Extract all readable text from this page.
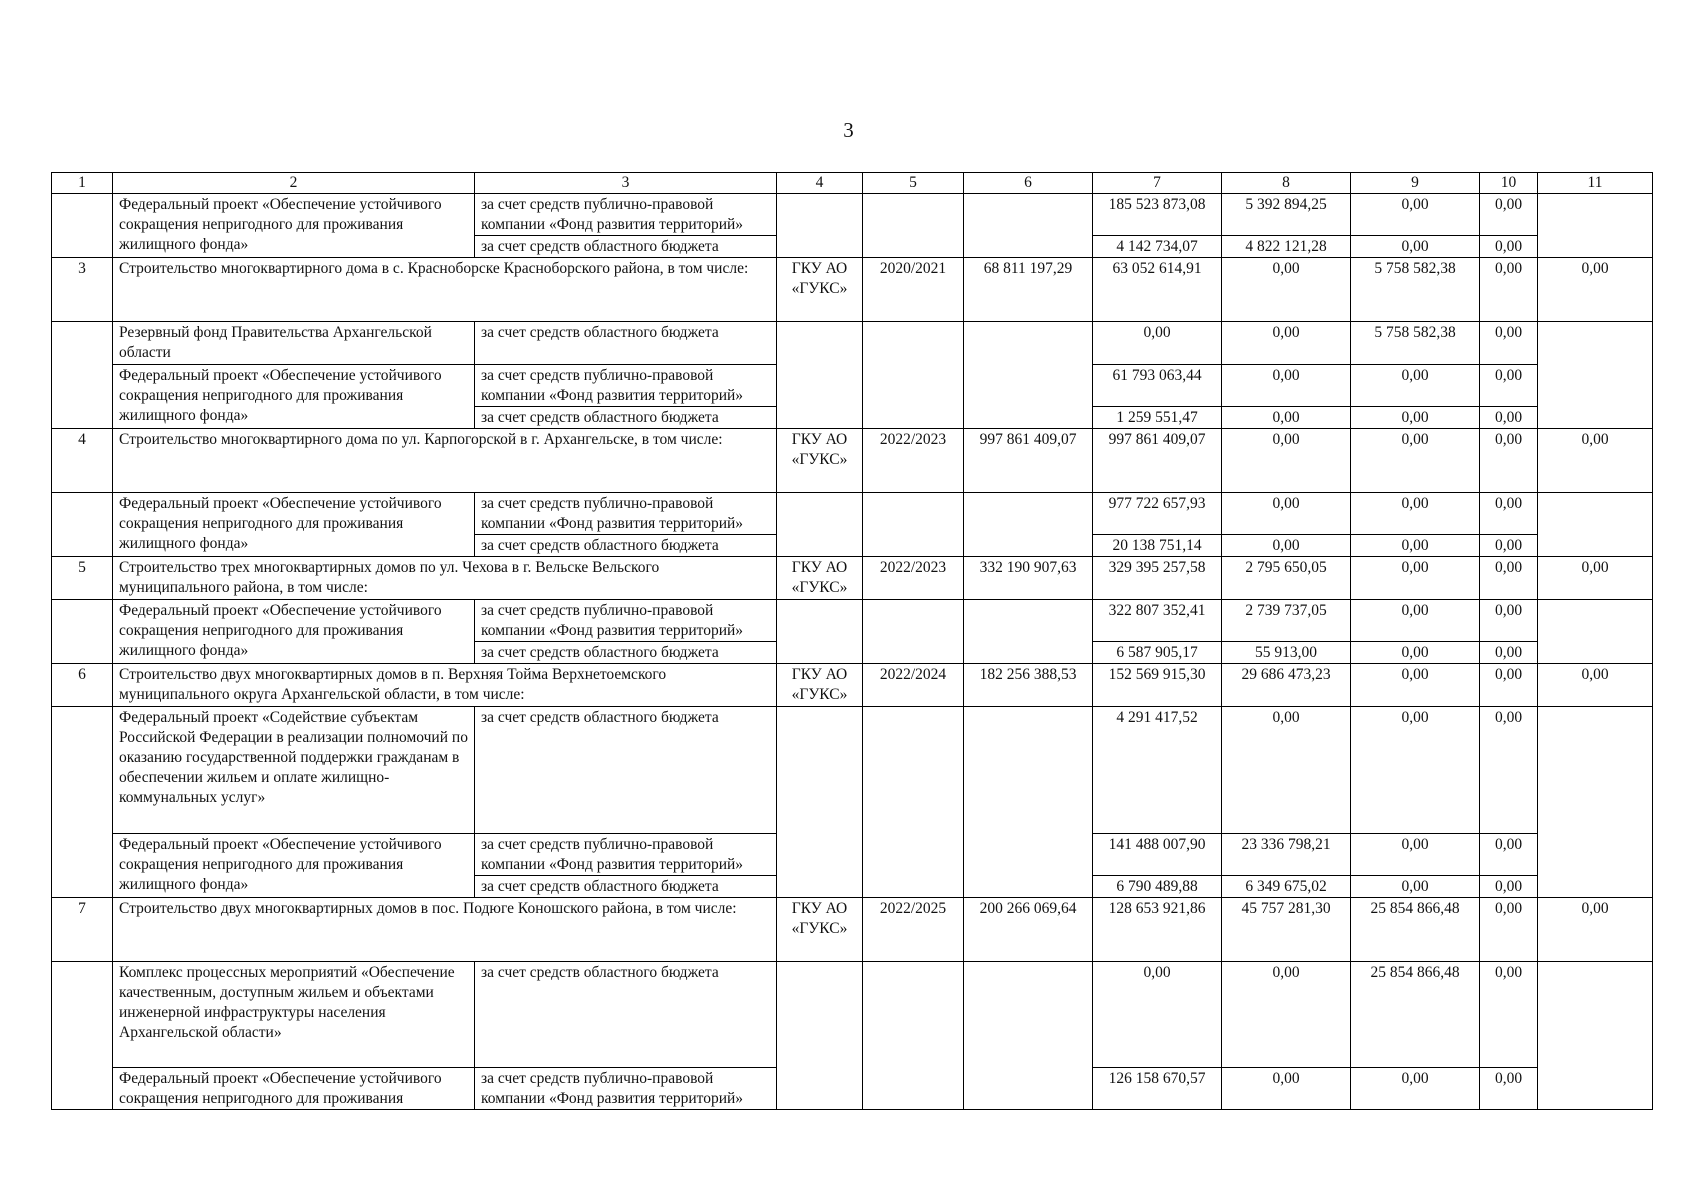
3
1	2	3	4	5	6	7	8	9	10	11
	Федеральный проект «Обеспечение устойчивого сокращения непригодного для проживания жилищного фонда»	за счет средств публично-правовой компании «Фонд развития территорий»				185 523 873,08	5 392 894,25	0,00	0,00	
		за счет средств областного бюджета				4 142 734,07	4 822 121,28	0,00	0,00	
3	Строительство многоквартирного дома в с. Красноборске Красноборского района, в том числе:		ГКУ АО «ГУКС»	2020/2021	68 811 197,29	63 052 614,91	0,00	5 758 582,38	0,00	0,00
	Резервный фонд Правительства Архангельской области	за счет средств областного бюджета				0,00	0,00	5 758 582,38	0,00	
	Федеральный проект «Обеспечение устойчивого сокращения непригодного для проживания жилищного фонда»	за счет средств публично-правовой компании «Фонд развития территорий»				61 793 063,44	0,00	0,00	0,00	
		за счет средств областного бюджета				1 259 551,47	0,00	0,00	0,00	
4	Строительство многоквартирного дома по ул. Карпогорской в г. Архангельске, в том числе:		ГКУ АО «ГУКС»	2022/2023	997 861 409,07	997 861 409,07	0,00	0,00	0,00	0,00
	Федеральный проект «Обеспечение устойчивого сокращения непригодного для проживания жилищного фонда»	за счет средств публично-правовой компании «Фонд развития территорий»				977 722 657,93	0,00	0,00	0,00	
		за счет средств областного бюджета				20 138 751,14	0,00	0,00	0,00	
5	Строительство трех многоквартирных домов по ул. Чехова в г. Вельске Вельского муниципального района, в том числе:		ГКУ АО «ГУКС»	2022/2023	332 190 907,63	329 395 257,58	2 795 650,05	0,00	0,00	0,00
	Федеральный проект «Обеспечение устойчивого сокращения непригодного для проживания жилищного фонда»	за счет средств публично-правовой компании «Фонд развития территорий»				322 807 352,41	2 739 737,05	0,00	0,00	
		за счет средств областного бюджета				6 587 905,17	55 913,00	0,00	0,00	
6	Строительство двух многоквартирных домов в п. Верхняя Тойма Верхнетоемского муниципального округа Архангельской области, в том числе:		ГКУ АО «ГУКС»	2022/2024	182 256 388,53	152 569 915,30	29 686 473,23	0,00	0,00	0,00
	Федеральный проект «Содействие субъектам Российской Федерации в реализации полномочий по оказанию государственной поддержки гражданам в обеспечении жильем и оплате жилищно-коммунальных услуг»	за счет средств областного бюджета				4 291 417,52	0,00	0,00	0,00	
	Федеральный проект «Обеспечение устойчивого сокращения непригодного для проживания жилищного фонда»	за счет средств публично-правовой компании «Фонд развития территорий»				141 488 007,90	23 336 798,21	0,00	0,00	
		за счет средств областного бюджета				6 790 489,88	6 349 675,02	0,00	0,00	
7	Строительство двух многоквартирных домов в пос. Подюге Коношского района, в том числе:		ГКУ АО «ГУКС»	2022/2025	200 266 069,64	128 653 921,86	45 757 281,30	25 854 866,48	0,00	0,00
	Комплекс процессных мероприятий «Обеспечение качественным, доступным жильем и объектами инженерной инфраструктуры населения Архангельской области»	за счет средств областного бюджета				0,00	0,00	25 854 866,48	0,00	

	Федеральный проект «Обеспечение устойчивого сокращения непригодного для проживания	за счет средств публично-правовой компании «Фонд развития территорий»				126 158 670,57	0,00	0,00	0,00	
